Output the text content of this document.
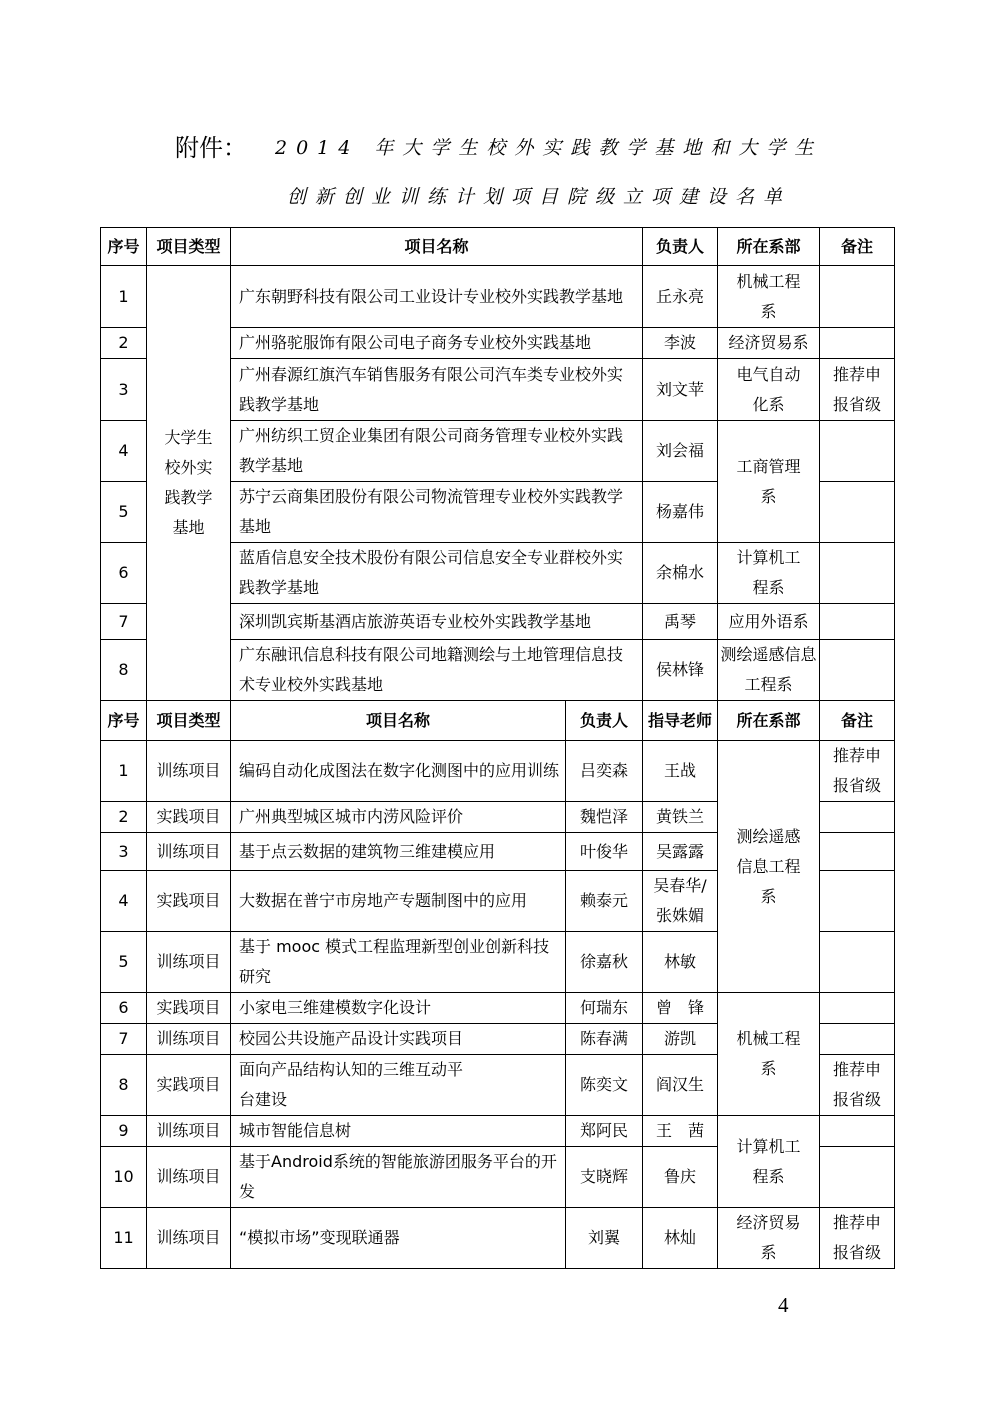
附件： 2014 年大学生校外实践教学基地和大学生
创新创业训练计划项目院级立项建设名单
序号	项目类型	项目名称	负责人	所在系部	备注
1	大学生校外实践教学基地	广东朝野科技有限公司工业设计专业校外实践教学基地	丘永亮	机械工程系	
2		广州骆驼服饰有限公司电子商务专业校外实践基地	李波	经济贸易系	
3		广州春源红旗汽车销售服务有限公司汽车类专业校外实践教学基地	刘文苹	电气自动化系	推荐申报省级
4		广州纺织工贸企业集团有限公司商务管理专业校外实践教学基地	刘会福	工商管理系	
5		苏宁云商集团股份有限公司物流管理专业校外实践教学基地	杨嘉伟		
6		蓝盾信息安全技术股份有限公司信息安全专业群校外实践教学基地	余棉水	计算机工程系	
7		深圳凯宾斯基酒店旅游英语专业校外实践教学基地	禹琴	应用外语系	
8		广东融讯信息科技有限公司地籍测绘与土地管理信息技术专业校外实践基地	侯林锋	测绘遥感信息工程系	
序号	项目类型	项目名称	负责人	指导老师	所在系部	备注
1	训练项目	编码自动化成图法在数字化测图中的应用训练	吕奕森	王战	测绘遥感信息工程系	推荐申报省级
2	实践项目	广州典型城区城市内涝风险评价	魏恺泽	黄铁兰		
3	训练项目	基于点云数据的建筑物三维建模应用	叶俊华	吴露露		
4	实践项目	大数据在普宁市房地产专题制图中的应用	赖泰元	吴春华/张姝媚		
5	训练项目	基于 mooc 模式工程监理新型创业创新科技研究	徐嘉秋	林敏		
6	实践项目	小家电三维建模数字化设计	何瑞东	曾　锋	机械工程系	
7	训练项目	校园公共设施产品设计实践项目	陈春满	游凯		
8	实践项目	面向产品结构认知的三维互动平台建设	陈奕文	阎汉生		推荐申报省级
9	训练项目	城市智能信息树	郑阿民	王　茜	计算机工程系	
10	训练项目	基于Android系统的智能旅游团服务平台的开发	支晓辉	鲁庆		
11	训练项目	“模拟市场”变现联通器	刘翼	林灿	经济贸易系	推荐申报省级
4
